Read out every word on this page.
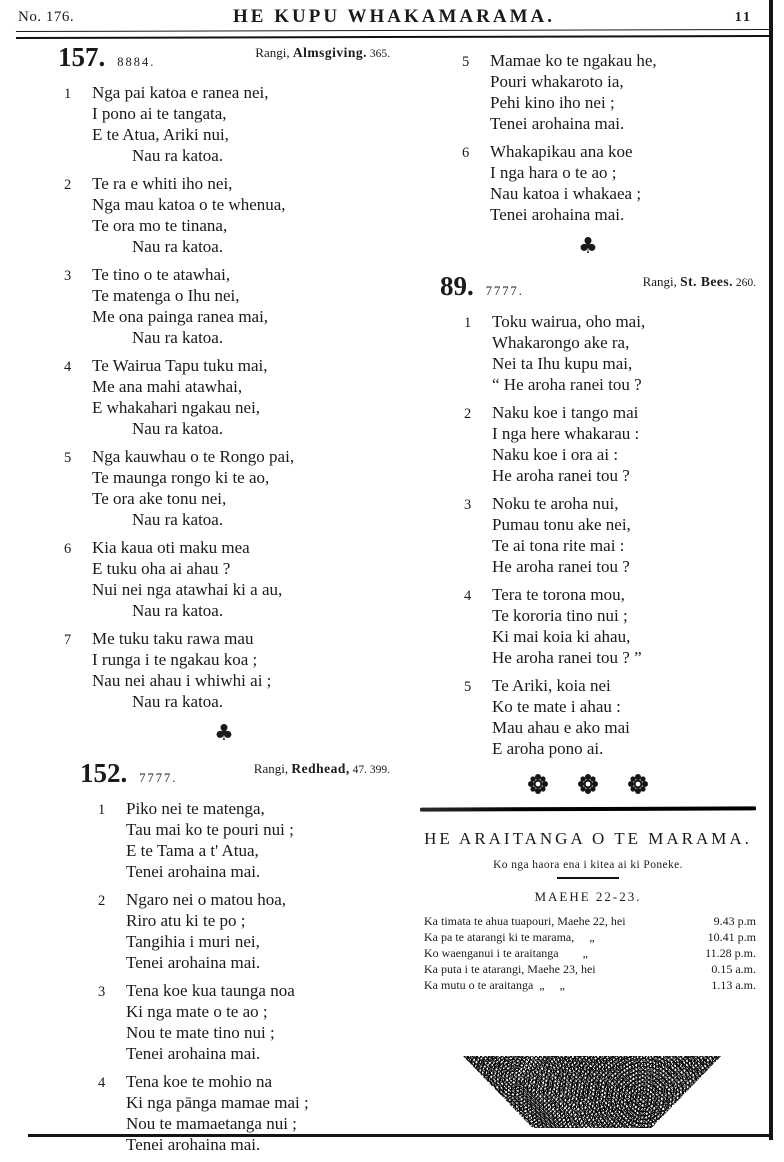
No. 176.	HE KUPU WHAKAMARAMA.	11
157. 8884.
Rangi, Almsgiving. 365.
1	Nga pai katoa e ranea nei,
I pono ai te tangata,
E te Atua, Ariki nui,
Nau ra katoa.
2	Te ra e whiti iho nei,
Nga mau katoa o te whenua,
Te ora mo te tinana,
Nau ra katoa.
3	Te tino o te atawhai,
Te matenga o Ihu nei,
Me ona painga ranea mai,
Nau ra katoa.
4	Te Wairua Tapu tuku mai,
Me ana mahi atawhai,
E whakahari ngakau nei,
Nau ra katoa.
5	Nga kauwhau o te Rongo pai,
Te maunga rongo ki te ao,
Te ora ake tonu nei,
Nau ra katoa.
6	Kia kaua oti maku mea
E tuku oha ai ahau ?
Nui nei nga atawhai ki a au,
Nau ra katoa.
7	Me tuku taku rawa mau
I runga i te ngakau koa ;
Nau nei ahau i whiwhi ai ;
Nau ra katoa.
♣
152. 7777.
Rangi, Redhead, 47. 399.
1	Piko nei te matenga,
Tau mai ko te pouri nui ;
E te Tama a t' Atua,
Tenei arohaina mai.
2	Ngaro nei o matou hoa,
Riro atu ki te po ;
Tangihia i muri nei,
Tenei arohaina mai.
3	Tena koe kua taunga noa
Ki nga mate o te ao ;
Nou te mate tino nui ;
Tenei arohaina mai.
4	Tena koe te mohio na
Ki nga pānga mamae mai ;
Nou te mamaetanga nui ;
Tenei arohaina mai.
5	Mamae ko te ngakau he,
Pouri whakaroto ia,
Pehi kino iho nei ;
Tenei arohaina mai.
6	Whakapikau ana koe
I nga hara o te ao ;
Nau katoa i whakaea ;
Tenei arohaina mai.
♣
89. 7777.
Rangi, St. Bees. 260.
1	Toku wairua, oho mai,
Whakarongo ake ra,
Nei ta Ihu kupu mai,
“ He aroha ranei tou ?
2	Naku koe i tango mai
I nga here whakarau :
Naku koe i ora ai :
He aroha ranei tou ?
3	Noku te aroha nui,
Pumau tonu ake nei,
Te ai tona rite mai :
He aroha ranei tou ?
4	Tera te torona mou,
Te kororia tino nui ;
Ki mai koia ki ahau,
He aroha ranei tou ? ”
5	Te Ariki, koia nei
Ko te mate i ahau :
Mau ahau e ako mai
E aroha pono ai.
HE ARAITANGA O TE MARAMA.
Ko nga haora ena i kitea ai ki Poneke.
MAEHE 22-23.
Ka timata te ahua tuapouri, Maehe 22, hei	9.43 p.m
Ka pa te atarangi ki te marama,     „	10.41 p.m
Ko waenganui i te araitanga        „	11.28 p.m.
Ka puta i te atarangi, Maehe 23, hei	0.15 a.m.
Ka mutu o te araitanga  „     „	1.13 a.m.
